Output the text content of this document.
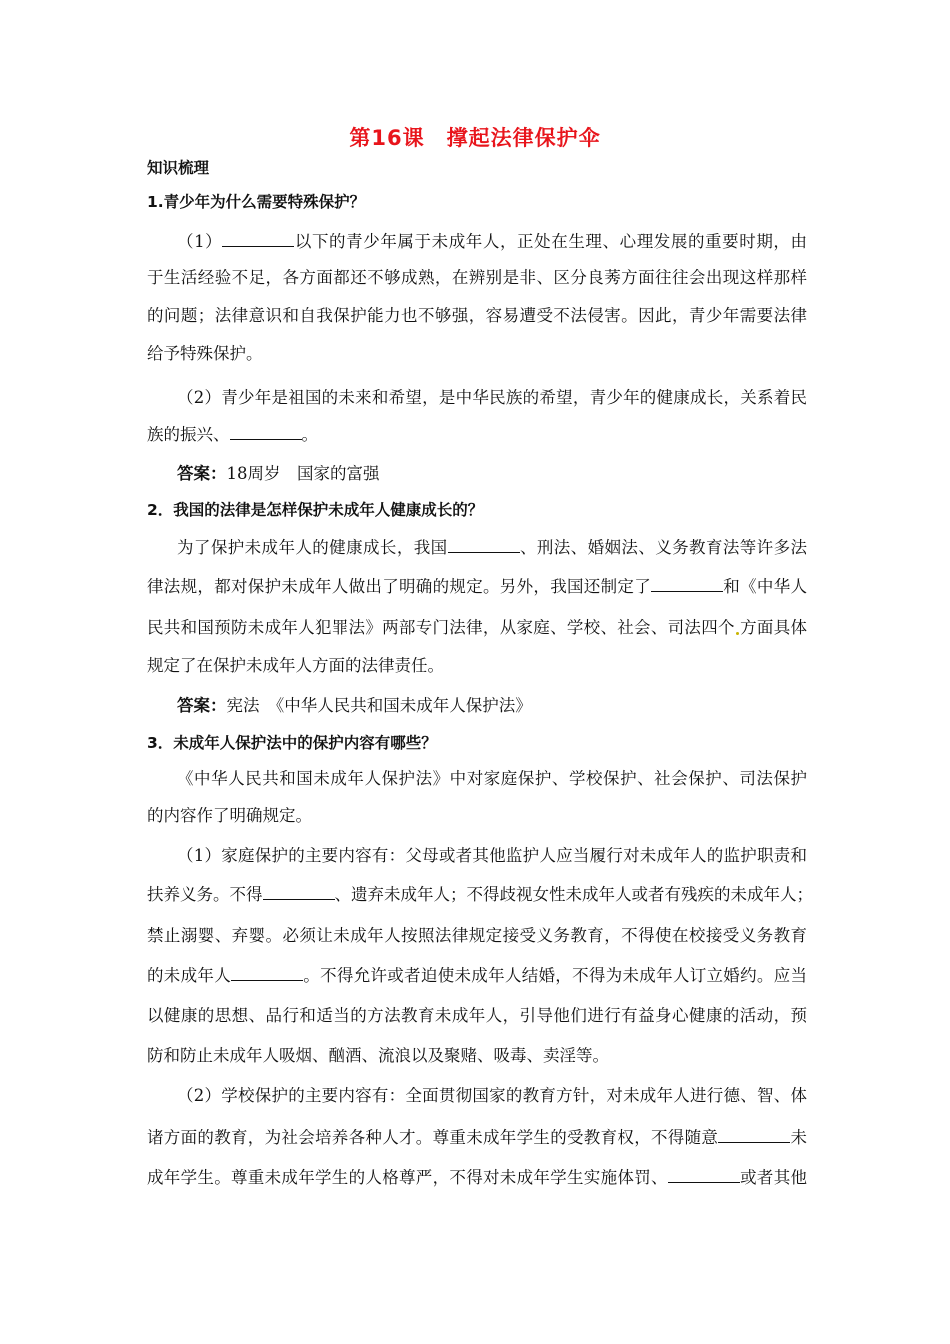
第16课　撑起法律保护伞
知识梳理
1.青少年为什么需要特殊保护？
（1）	以下的青少年属于未成年人，正处在生理、心理发展的重要时期，由
于生活经验不足，各方面都还不够成熟，在辨别是非、区分良莠方面往往会出现这样那样
的问题；法律意识和自我保护能力也不够强，容易遭受不法侵害。因此，青少年需要法律
给予特殊保护。
（2）青少年是祖国的未来和希望，是中华民族的希望，青少年的健康成长，关系着民
族的振兴、	。
答案：18周岁　国家的富强
2．我国的法律是怎样保护未成年人健康成长的？
为了保护未成年人的健康成长，我国	、刑法、婚姻法、义务教育法等许多法
律法规，都对保护未成年人做出了明确的规定。另外，我国还制定了	和《中华人
民共和国预防未成年人犯罪法》两部专门法律，从家庭、学校、社会、司法四个 方面具体
规定了在保护未成年人方面的法律责任。
答案：宪法　《中华人民共和国未成年人保护法》
3．未成年人保护法中的保护内容有哪些？
《中华人民共和国未成年人保护法》中对家庭保护、学校保护、社会保护、司法保护
的内容作了明确规定。
（1）家庭保护的主要内容有：父母或者其他监护人应当履行对未成年人的监护职责和
扶养义务。不得	、遗弃未成年人；不得歧视女性未成年人或者有残疾的未成年人；
禁止溺婴、弃婴。必须让未成年人按照法律规定接受义务教育，不得使在校接受义务教育
的未成年人	。不得允许或者迫使未成年人结婚，不得为未成年人订立婚约。应当
以健康的思想、品行和适当的方法教育未成年人，引导他们进行有益身心健康的活动，预
防和防止未成年人吸烟、酗酒、流浪以及聚赌、吸毒、卖淫等。
（2）学校保护的主要内容有：全面贯彻国家的教育方针，对未成年人进行德、智、体
诸方面的教育，为社会培养各种人才。尊重未成年学生的受教育权，不得随意	未
成年学生。尊重未成年学生的人格尊严，不得对未成年学生实施体罚、	或者其他
